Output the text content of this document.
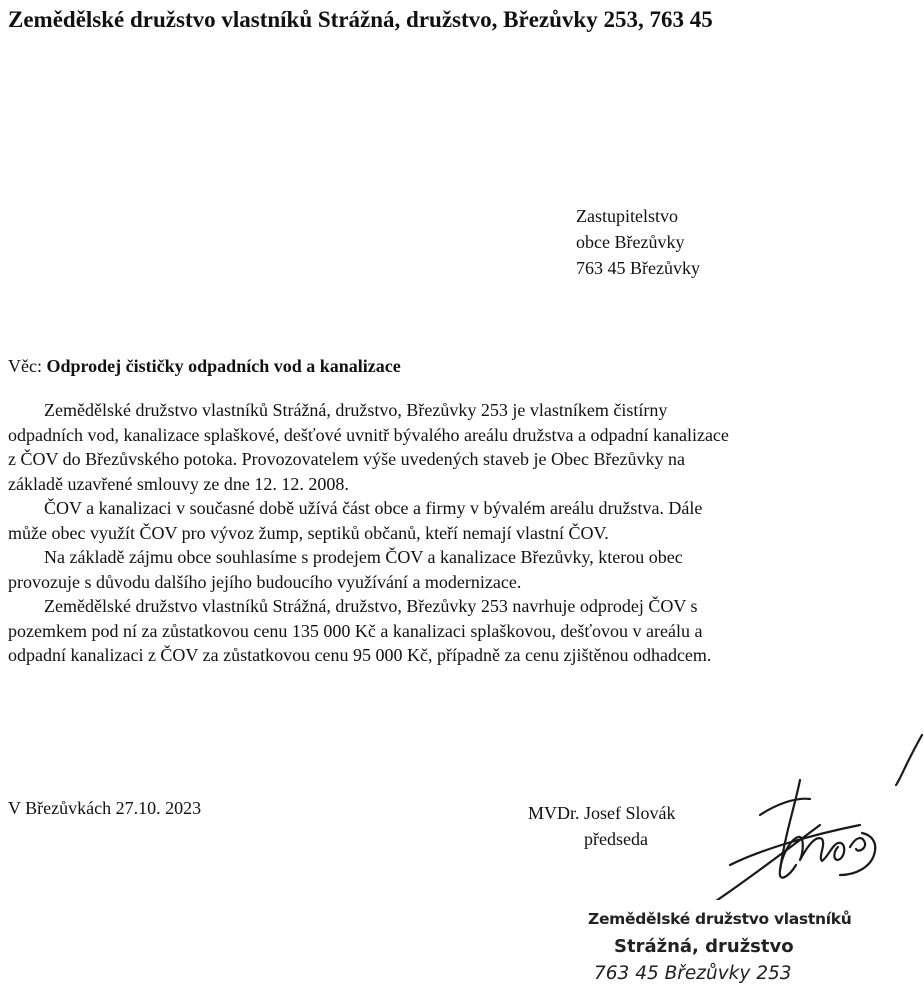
Zemědělské družstvo vlastníků Strážná, družstvo, Březůvky 253, 763 45
Zastupitelstvo
obce Březůvky
763 45 Březůvky
Věc: Odprodej čističky odpadních vod a kanalizace
Zemědělské družstvo vlastníků Strážná, družstvo, Březůvky 253 je vlastníkem čistírny
odpadních vod, kanalizace splaškové, dešťové uvnitř bývalého areálu družstva a odpadní kanalizace
z ČOV do Březůvského potoka. Provozovatelem výše uvedených staveb je Obec Březůvky na
základě uzavřené smlouvy ze dne 12. 12. 2008.
ČOV a kanalizaci v současné době užívá část obce a firmy v bývalém areálu družstva. Dále
může obec využít ČOV pro vývoz žump, septiků občanů, kteří nemají vlastní ČOV.
Na základě zájmu obce souhlasíme s prodejem ČOV a kanalizace Březůvky, kterou obec
provozuje s důvodu dalšího jejího budoucího využívání a modernizace.
Zemědělské družstvo vlastníků Strážná, družstvo, Březůvky 253 navrhuje odprodej ČOV s
pozemkem pod ní za zůstatkovou cenu 135 000 Kč a kanalizaci splaškovou, dešťovou v areálu a
odpadní kanalizaci z ČOV za zůstatkovou cenu 95 000 Kč, případně za cenu zjištěnou odhadcem.
V Březůvkách 27.10. 2023	MVDr. Josef Slovák
předseda
Zemědělské družstvo vlastníků
Strážná, družstvo
763 45 Březůvky 253
